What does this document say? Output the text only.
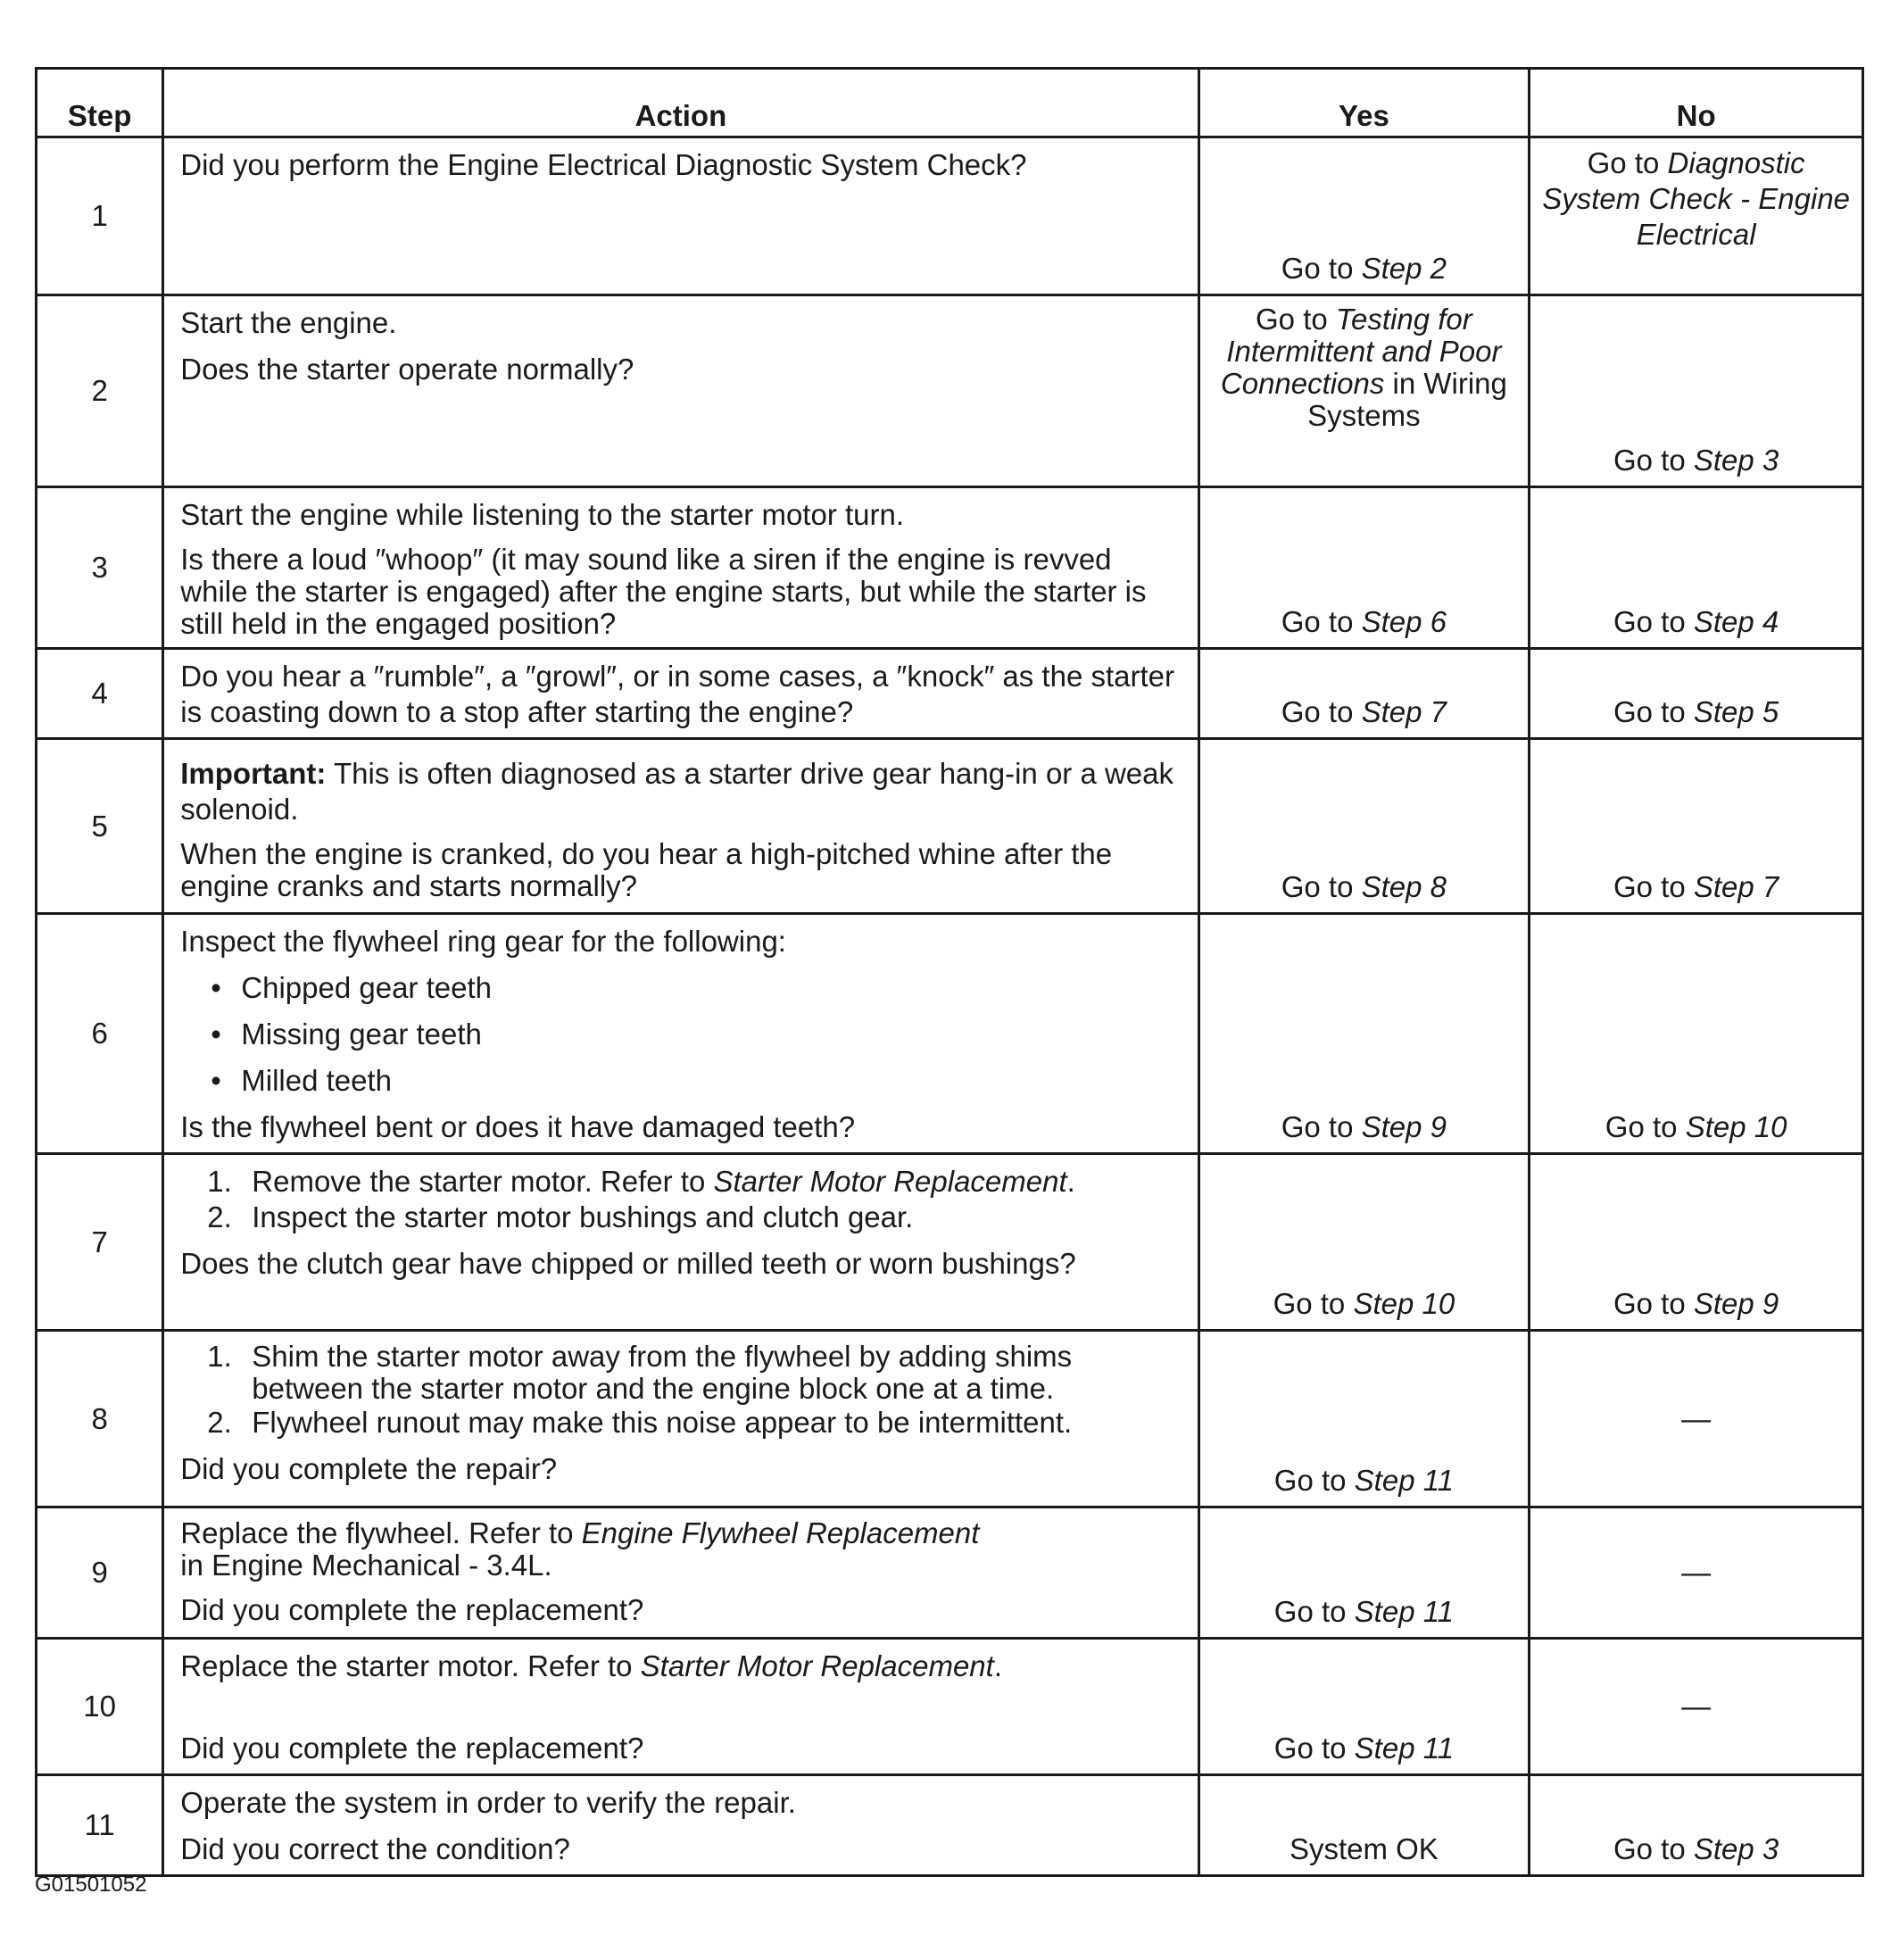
Step	Action	Yes	No
1	Did you perform the Engine Electrical Diagnostic System Check?	Go to Step 2	Go to Diagnostic System Check - Engine Electrical
2	Start the engine.

Does the starter operate normally?	Go to Testing for Intermittent and Poor Connections in Wiring Systems	Go to Step 3
3	Start the engine while listening to the starter motor turn.

Is there a loud ″whoop″ (it may sound like a siren if the engine is revved while the starter is engaged) after the engine starts, but while the starter is still held in the engaged position?	Go to Step 6	Go to Step 4
4	Do you hear a ″rumble″, a ″growl″, or in some cases, a ″knock″ as the starter is coasting down to a stop after starting the engine?	Go to Step 7	Go to Step 5
5	Important: This is often diagnosed as a starter drive gear hang-in or a weak solenoid.

When the engine is cranked, do you hear a high-pitched whine after the engine cranks and starts normally?	Go to Step 8	Go to Step 7
6	Inspect the flywheel ring gear for the following:

• Chipped gear teeth

• Missing gear teeth

• Milled teeth

Is the flywheel bent or does it have damaged teeth?	Go to Step 9	Go to Step 10
7	1. Remove the starter motor. Refer to Starter Motor Replacement.

2. Inspect the starter motor bushings and clutch gear.

Does the clutch gear have chipped or milled teeth or worn bushings?	Go to Step 10	Go to Step 9
8	1. Shim the starter motor away from the flywheel by adding shims between the starter motor and the engine block one at a time.

2. Flywheel runout may make this noise appear to be intermittent.

Did you complete the repair?	Go to Step 11	—
9	Replace the flywheel. Refer to Engine Flywheel Replacement
in Engine Mechanical - 3.4L.

Did you complete the replacement?	Go to Step 11	—
10	Replace the starter motor. Refer to Starter Motor Replacement.

Did you complete the replacement?	Go to Step 11	—
11	Operate the system in order to verify the repair.

Did you correct the condition?	System OK	Go to Step 3
G01501052
